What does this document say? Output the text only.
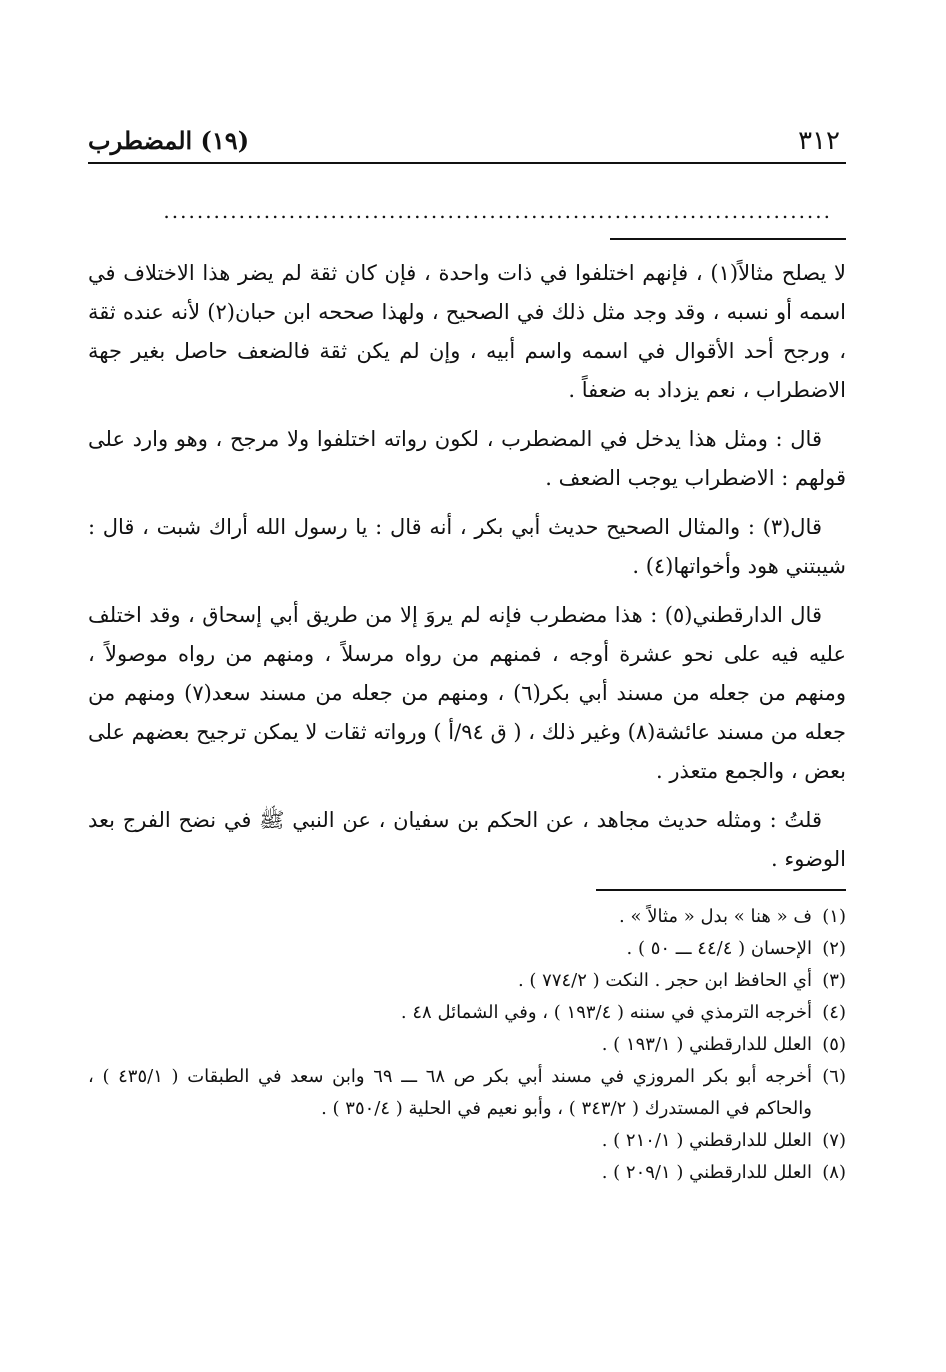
٣١٢
(١٩) المضطرب
................................................................................

لا يصلح مثالاً(١) ، فإنهم اختلفوا في ذات واحدة ، فإن كان ثقة لم يضر هذا الاختلاف في اسمه أو نسبه ، وقد وجد مثل ذلك في الصحيح ، ولهذا صححه ابن حبان(٢) لأنه عنده ثقة ، ورجح أحد الأقوال في اسمه واسم أبيه ، وإن لم يكن ثقة فالضعف حاصل بغير جهة الاضطراب ، نعم يزداد به ضعفاً .

قال : ومثل هذا يدخل في المضطرب ، لكون رواته اختلفوا ولا مرجح ، وهو وارد على قولهم : الاضطراب يوجب الضعف .

قال(٣) : والمثال الصحيح حديث أبي بكر ، أنه قال : يا رسول الله أراك شبت ، قال : شيبتني هود وأخواتها(٤) .

قال الدارقطني(٥) : هذا مضطرب فإنه لم يروَ إلا من طريق أبي إسحاق ، وقد اختلف عليه فيه على نحو عشرة أوجه ، فمنهم من رواه مرسلاً ، ومنهم من رواه موصولاً ، ومنهم من جعله من مسند أبي بكر(٦) ، ومنهم من جعله من مسند سعد(٧) ومنهم من جعله من مسند عائشة(٨) وغير ذلك ، ( ق ٩٤/أ ) ورواته ثقات لا يمكن ترجيح بعضهم على بعض ، والجمع متعذر .

قلتُ : ومثله حديث مجاهد ، عن الحكم بن سفيان ، عن النبي ﷺ في نضح الفرج بعد الوضوء .

(١)
ف « هنا » بدل « مثالاً » .
(٢)
الإحسان ( ٤٤/٤ ـــ ٥٠ ) .
(٣)
أي الحافظ ابن حجر . النكت ( ٧٧٤/٢ ) .
(٤)
أخرجه الترمذي في سننه ( ١٩٣/٤ ) ، وفي الشمائل ٤٨ .
(٥)
العلل للدارقطني ( ١٩٣/١ ) .
(٦)
أخرجه أبو بكر المروزي في مسند أبي بكر ص ٦٨ ـــ ٦٩ وابن سعد في الطبقات ( ٤٣٥/١ ) ، والحاكم في المستدرك ( ٣٤٣/٢ ) ، وأبو نعيم في الحلية ( ٣٥٠/٤ ) .
(٧)
العلل للدارقطني ( ٢١٠/١ ) .
(٨)
العلل للدارقطني ( ٢٠٩/١ ) .
